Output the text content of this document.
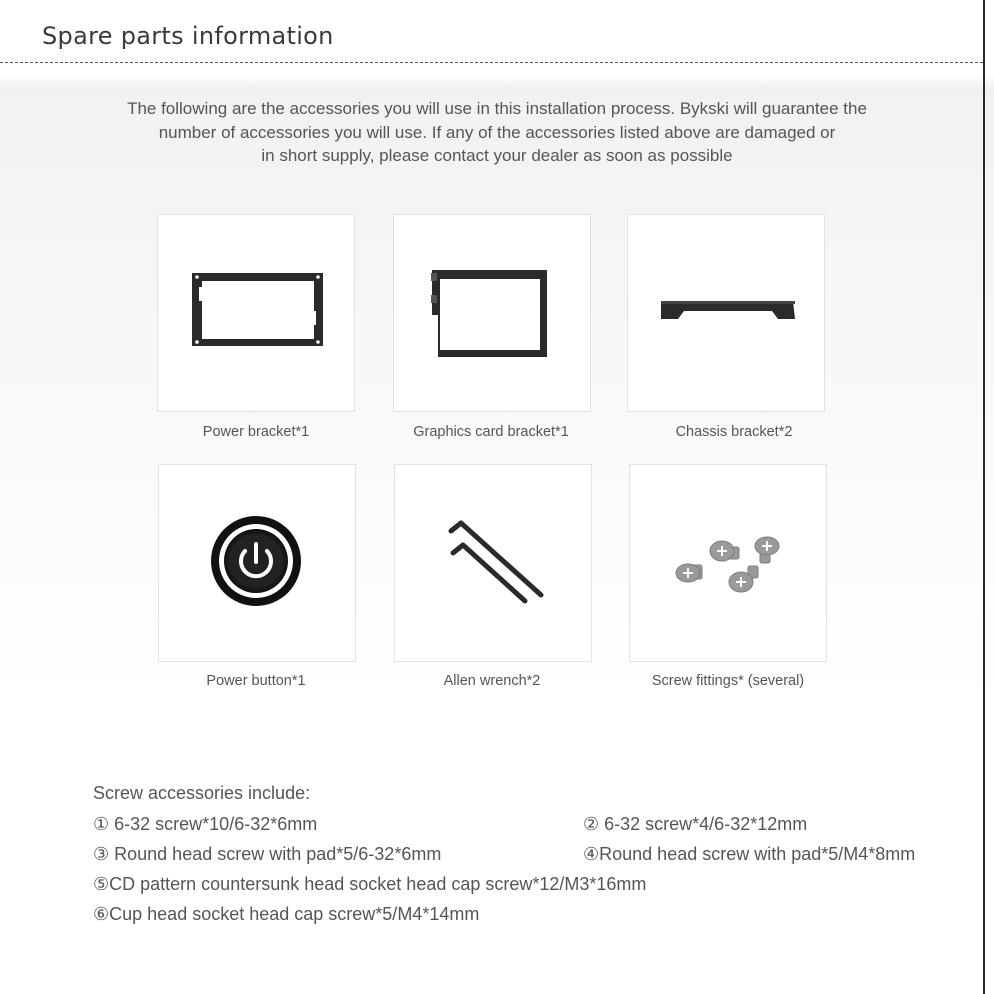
Spare parts information
The following are the accessories you will use in this installation process. Bykski will guarantee the
number of accessories you will use. If any of the accessories listed above are damaged or
in short supply, please contact your dealer as soon as possible
Power bracket*1	Graphics card bracket*1	Chassis bracket*2
Power button*1	Allen wrench*2	Screw fittings* (several)
Screw accessories include:
① 6-32 screw*10/6-32*6mm	② 6-32 screw*4/6-32*12mm
③ Round head screw with pad*5/6-32*6mm	④Round head screw with pad*5/M4*8mm
⑤CD pattern countersunk head socket head cap screw*12/M3*16mm
⑥Cup head socket head cap screw*5/M4*14mm
